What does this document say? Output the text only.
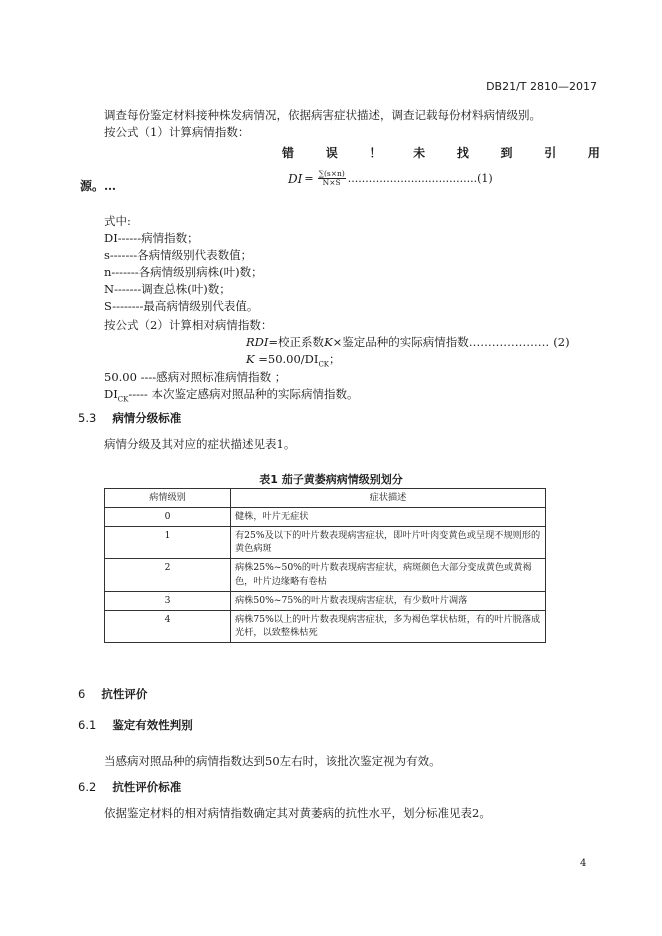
DB21/T 2810—2017
调查每份鉴定材料接种株发病情况，依据病害症状描述，调查记载每份材料病情级别。
按公式（1）计算病情指数：
错	误	！	未	找	到	引	用
源。…
DI = $\frac{\sum(s\times n)}{N\times S}$ ..................................... (1)
式中:
DI------病情指数；
s-------各病情级别代表数值；
n-------各病情级别病株(叶)数；
N-------调查总株(叶)数；
S--------最高病情级别代表值。
按公式（2）计算相对病情指数：
RDI=校正系数K×鉴定品种的实际病情指数………………… (2)
$K =50.00/DI_{CK}$；
50.00 ----感病对照标准病情指数 ；
$DI_{CK}-----$ 本次鉴定感病对照品种的实际病情指数。
5.3 病情分级标准
病情分级及其对应的症状描述见表1。
表1 茄子黄萎病病情级别划分
病情级别	症状描述
0	健株，叶片无症状
1	有25%及以下的叶片数表现病害症状，即叶片叶肉变黄色或呈现不规则形的黄色病斑
2	病株25%~50%的叶片数表现病害症状，病斑颜色大部分变成黄色或黄褐色，叶片边缘略有卷枯
3	病株50%~75%的叶片数表现病害症状，有少数叶片凋落
4	病株75%以上的叶片数表现病害症状，多为褐色掌状枯斑，有的叶片脱落成光杆，以致整株枯死
6 抗性评价
6.1 鉴定有效性判别
当感病对照品种的病情指数达到50左右时，该批次鉴定视为有效。
6.2 抗性评价标准
依据鉴定材料的相对病情指数确定其对黄萎病的抗性水平，划分标准见表2。
4
